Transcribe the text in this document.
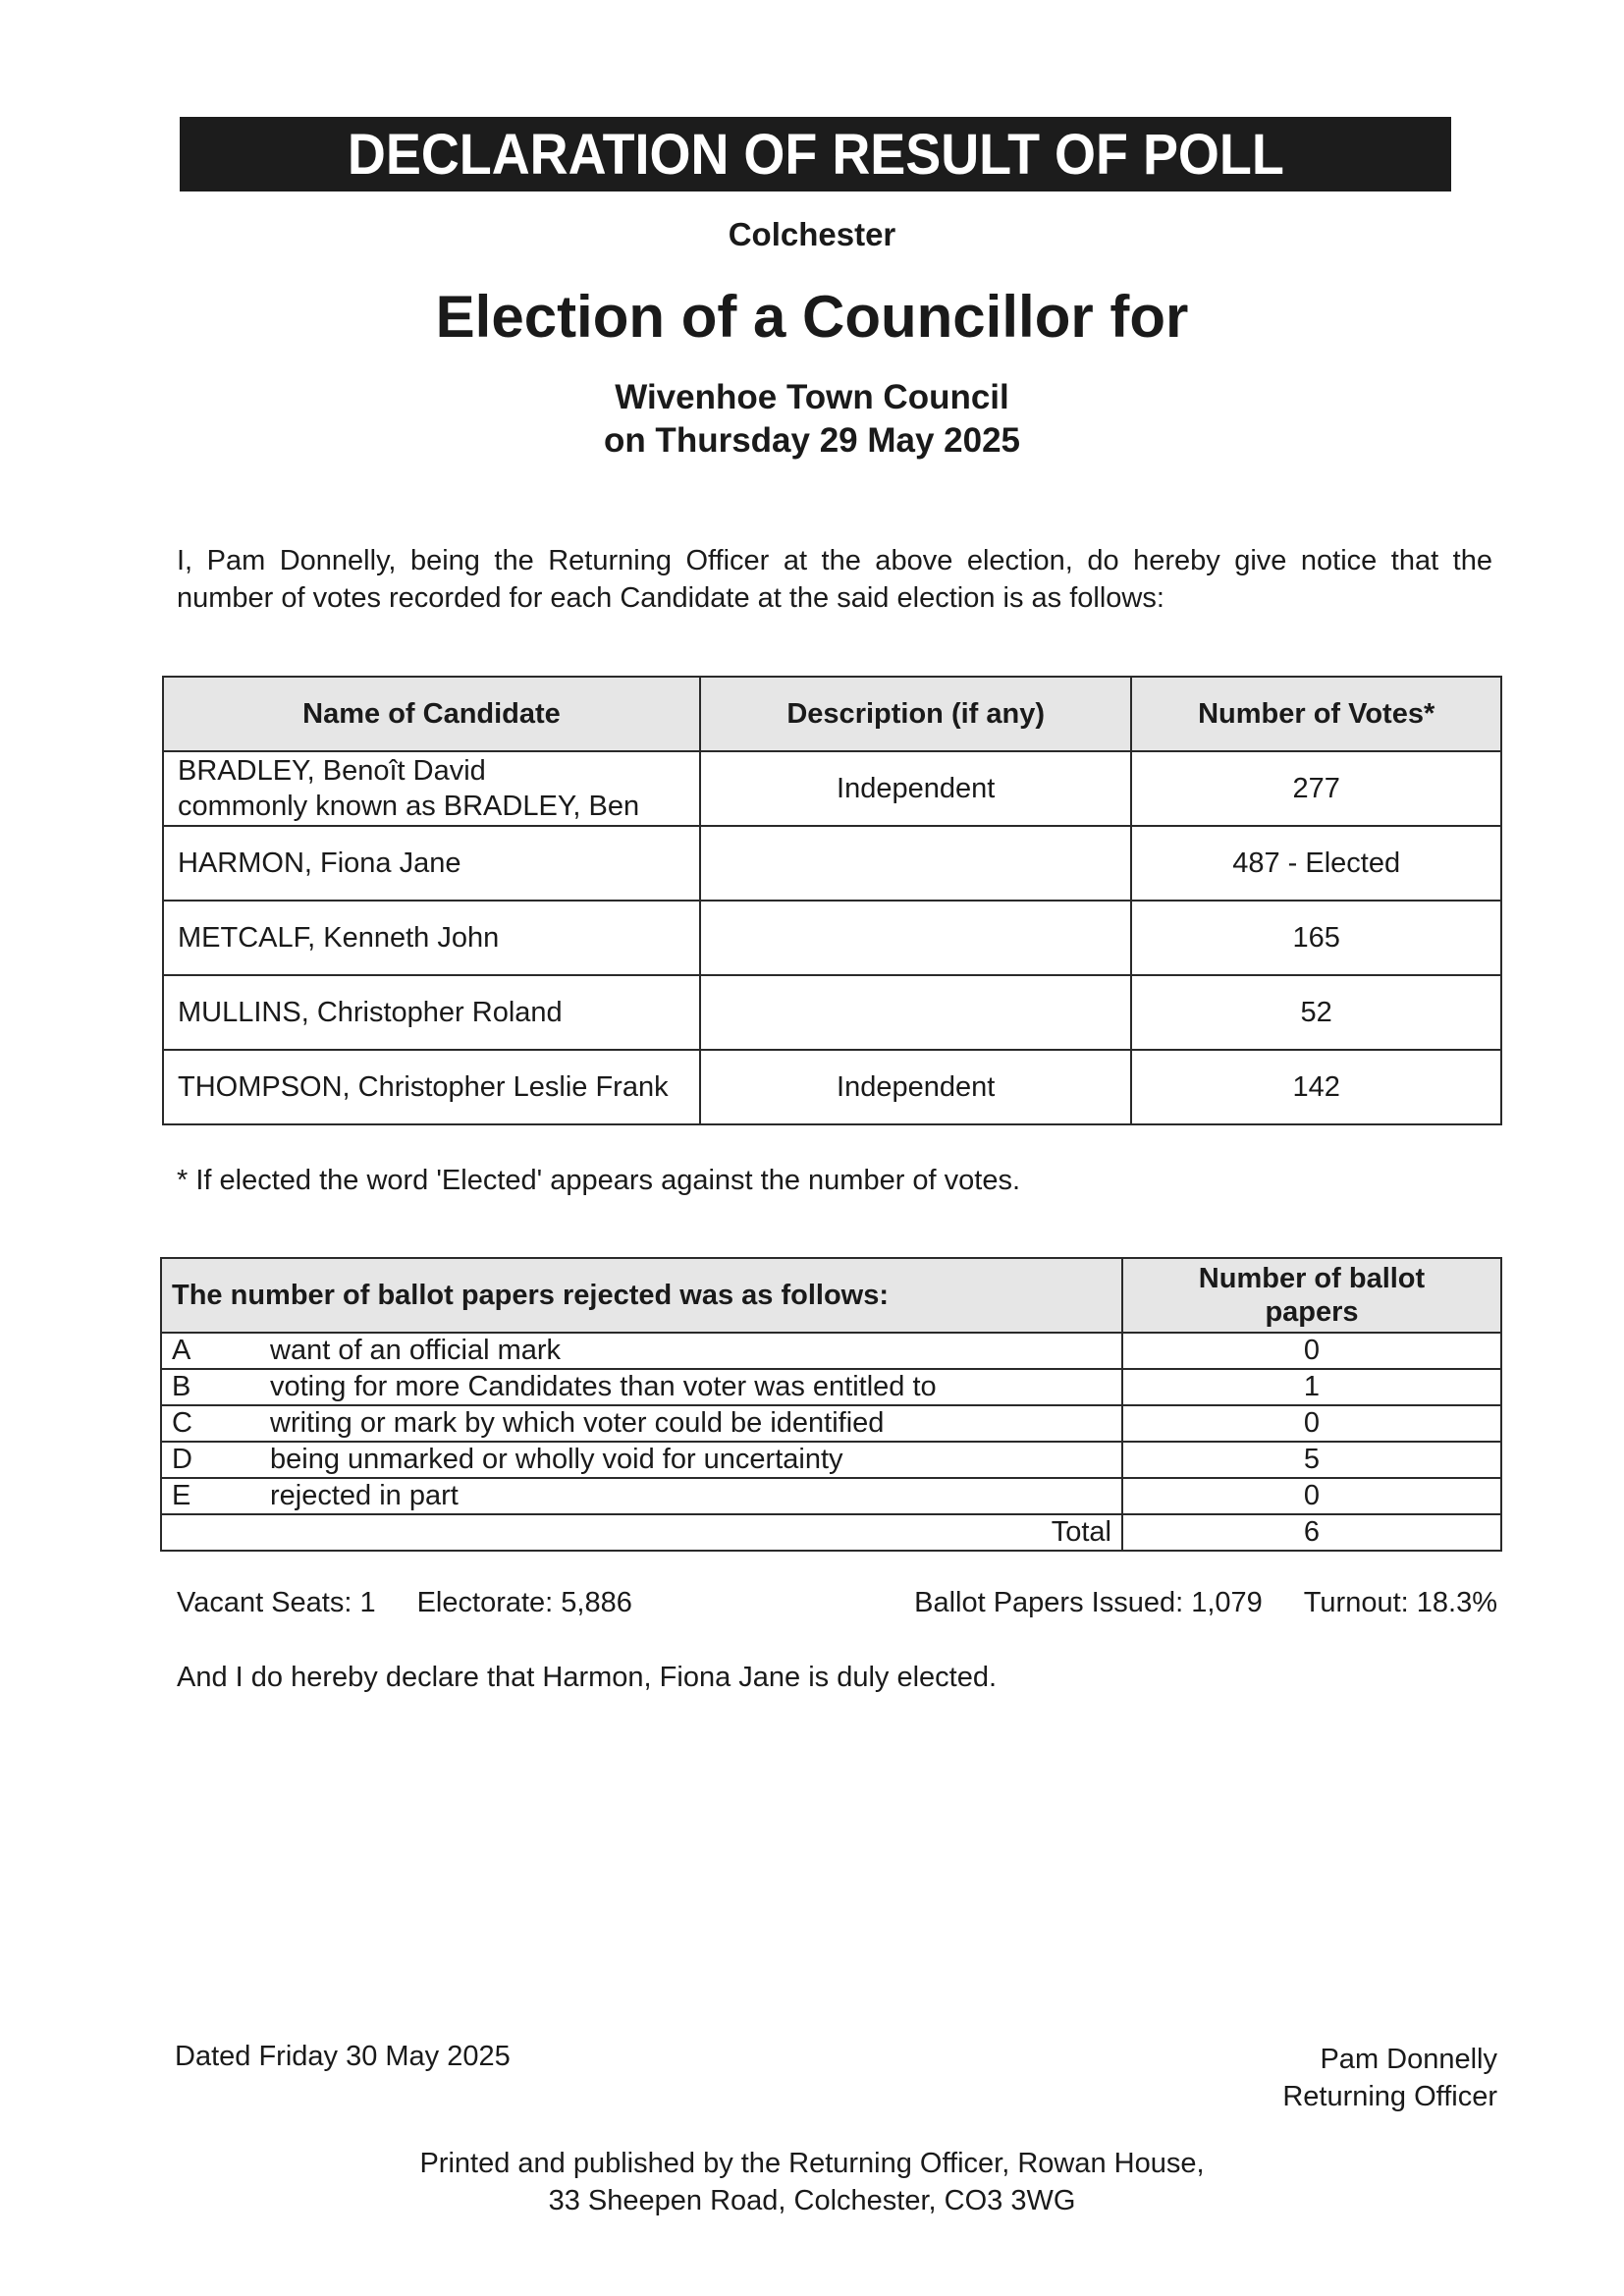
DECLARATION OF RESULT OF POLL
Colchester
Election of a Councillor for
Wivenhoe Town Council
on Thursday 29 May 2025
I, Pam Donnelly, being the Returning Officer at the above election, do hereby give notice that the number of votes recorded for each Candidate at the said election is as follows:
Name of Candidate	Description (if any)	Number of Votes*

BRADLEY, Benoît David
commonly known as BRADLEY, Ben	Independent	277
HARMON, Fiona Jane		487 - Elected
METCALF, Kenneth John		165
MULLINS, Christopher Roland		52
THOMPSON, Christopher Leslie Frank	Independent	142
* If elected the word 'Elected' appears against the number of votes.
The number of ballot papers rejected was as follows:		Number of ballot
papers

A	want of an official mark	0
B	voting for more Candidates than voter was entitled to	1
C	writing or mark by which voter could be identified	0
D	being unmarked or wholly void for uncertainty	5
E	rejected in part	0
Total		6
Vacant Seats: 1 Electorate: 5,886	Ballot Papers Issued: 1,079 Turnout: 18.3%
And I do hereby declare that Harmon, Fiona Jane is duly elected.
Dated Friday 30 May 2025	Pam Donnelly
Returning Officer
Printed and published by the Returning Officer, Rowan House,
33 Sheepen Road, Colchester, CO3 3WG
